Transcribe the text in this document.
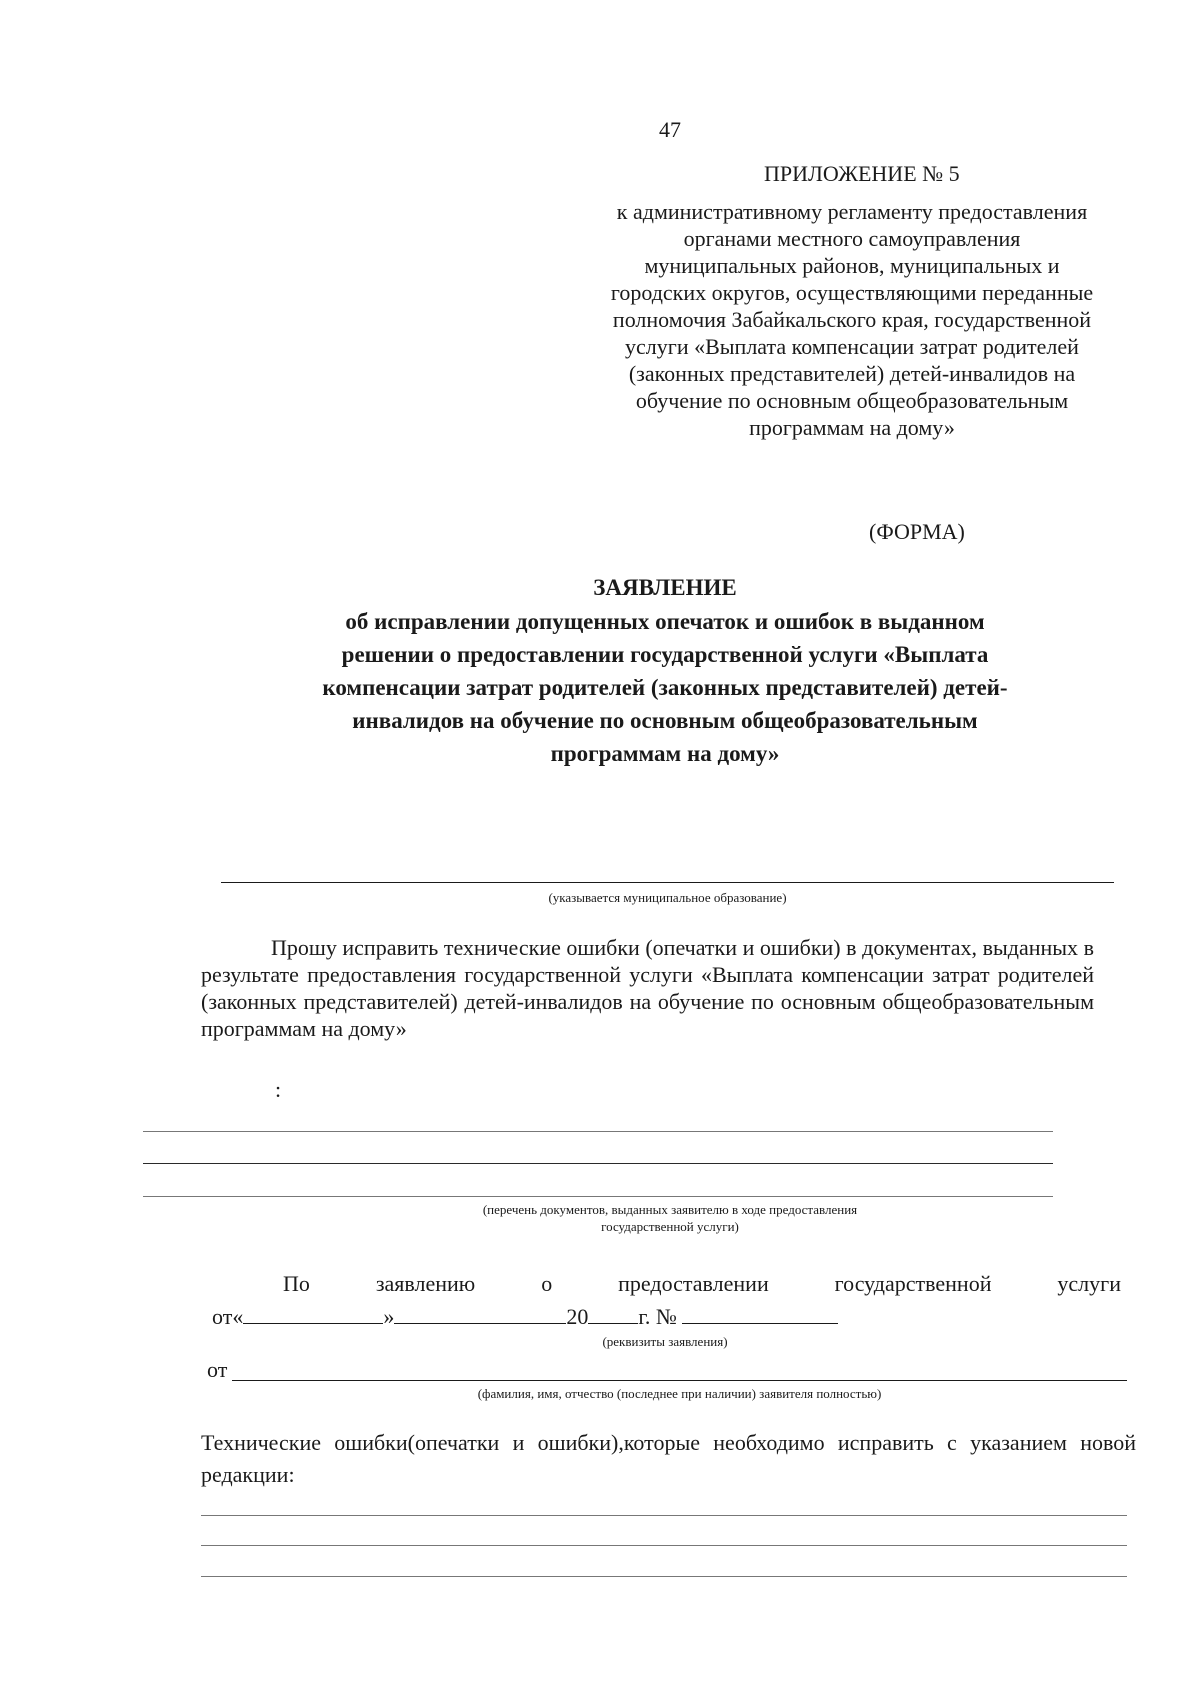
47
ПРИЛОЖЕНИЕ № 5
к административному регламенту предоставления
органами местного самоуправления
муниципальных районов, муниципальных и
городских округов, осуществляющими переданные
полномочия Забайкальского края, государственной
услуги «Выплата компенсации затрат родителей
(законных представителей) детей-инвалидов на
обучение по основным общеобразовательным
программам на дому»
(ФОРМА)
ЗАЯВЛЕНИЕ
об исправлении допущенных опечаток и ошибок в выданном
решении о предоставлении государственной услуги «Выплата
компенсации затрат родителей (законных представителей) детей-
инвалидов на обучение по основным общеобразовательным
программам на дому»
(указывается муниципальное образование)
Прошу исправить технические ошибки (опечатки и ошибки) в документах, выданных в результате предоставления государственной услуги «Выплата компенсации затрат родителей (законных представителей) детей-инвалидов на обучение по основным общеобразовательным программам на дому»
:
(перечень документов, выданных заявителю в ходе предоставления
государственной услуги)
По	заявлению	о	предоставлении	государственной	услуги
от«	»	20 г. №
(реквизиты заявления)
от
(фамилия, имя, отчество (последнее при наличии) заявителя полностью)
Технические ошибки(опечатки и ошибки),которые необходимо исправить с указанием новой редакции:
